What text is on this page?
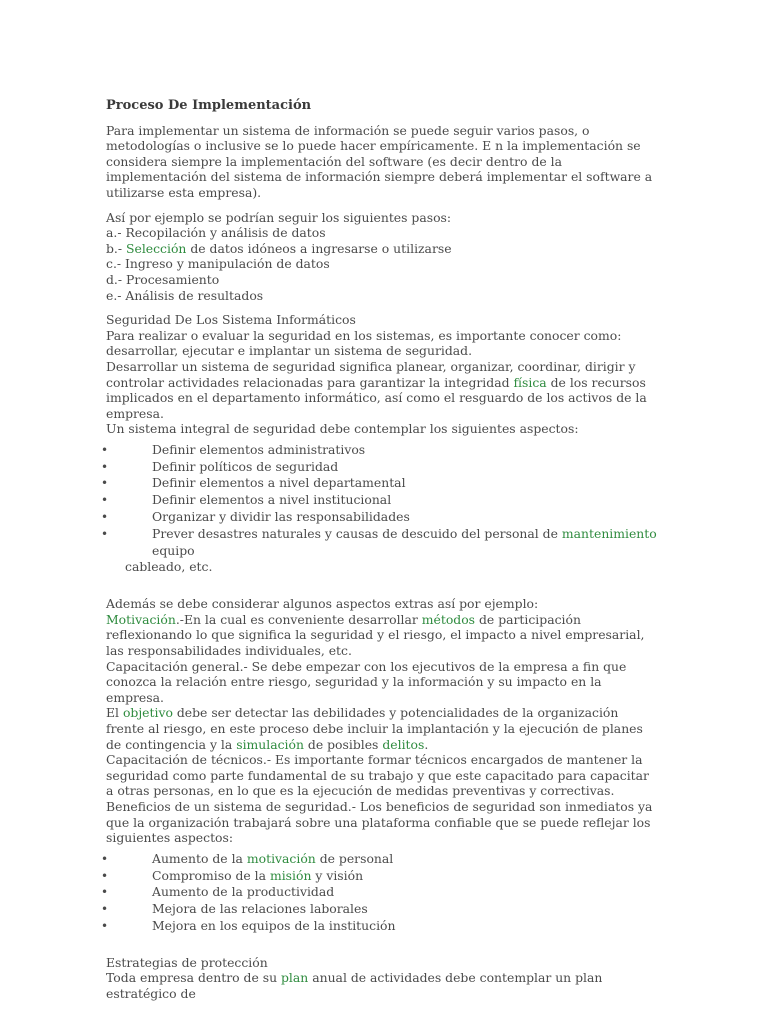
Proceso De Implementación

Para implementar un sistema de información se puede seguir varios pasos, o metodologías o inclusive se lo puede hacer empíricamente. E n la implementación se considera siempre la implementación del software (es decir dentro de la implementación del sistema de información siempre deberá implementar el software a utilizarse esta empresa).

Así por ejemplo se podrían seguir los siguientes pasos:

a.- Recopilación y análisis de datos

b.- Selección de datos idóneos a ingresarse o utilizarse

c.- Ingreso y manipulación de datos

d.- Procesamiento

e.- Análisis de resultados

Seguridad De Los Sistema Informáticos

Para realizar o evaluar la seguridad en los sistemas, es importante conocer como: desarrollar, ejecutar e implantar un sistema de seguridad.

Desarrollar un sistema de seguridad significa planear, organizar, coordinar, dirigir y controlar actividades relacionadas para garantizar la integridad física de los recursos implicados en el departamento informático, así como el resguardo de los activos de la empresa.

Un sistema integral de seguridad debe contemplar los siguientes aspectos:

•	Definir elementos administrativos
•	Definir políticos de seguridad
•	Definir elementos a nivel departamental
•	Definir elementos a nivel institucional
•	Organizar y dividir las responsabilidades
•	Prever desastres naturales y causas de descuido del personal de mantenimiento equipo
cableado, etc.

Además se debe considerar algunos aspectos extras así por ejemplo:

Motivación.-En la cual es conveniente desarrollar métodos de participación reflexionando lo que significa la seguridad y el riesgo, el impacto a nivel empresarial, las responsabilidades individuales, etc.

Capacitación general.- Se debe empezar con los ejecutivos de la empresa a fin que conozca la relación entre riesgo, seguridad y la información y su impacto en la empresa.

El objetivo debe ser detectar las debilidades y potencialidades de la organización frente al riesgo, en este proceso debe incluir la implantación y la ejecución de planes de contingencia y la simulación de posibles delitos.

Capacitación de técnicos.- Es importante formar técnicos encargados de mantener la seguridad como parte fundamental de su trabajo y que este capacitado para capacitar a otras personas, en lo que es la ejecución de medidas preventivas y correctivas.

Beneficios de un sistema de seguridad.- Los beneficios de seguridad son inmediatos ya que la organización trabajará sobre una plataforma confiable que se puede reflejar los siguientes aspectos:

•	Aumento de la motivación de personal
•	Compromiso de la misión y visión
•	Aumento de la productividad
•	Mejora de las relaciones laborales
•	Mejora en los equipos de la institución

Estrategias de protección

Toda empresa dentro de su plan anual de actividades debe contemplar un plan estratégico de
